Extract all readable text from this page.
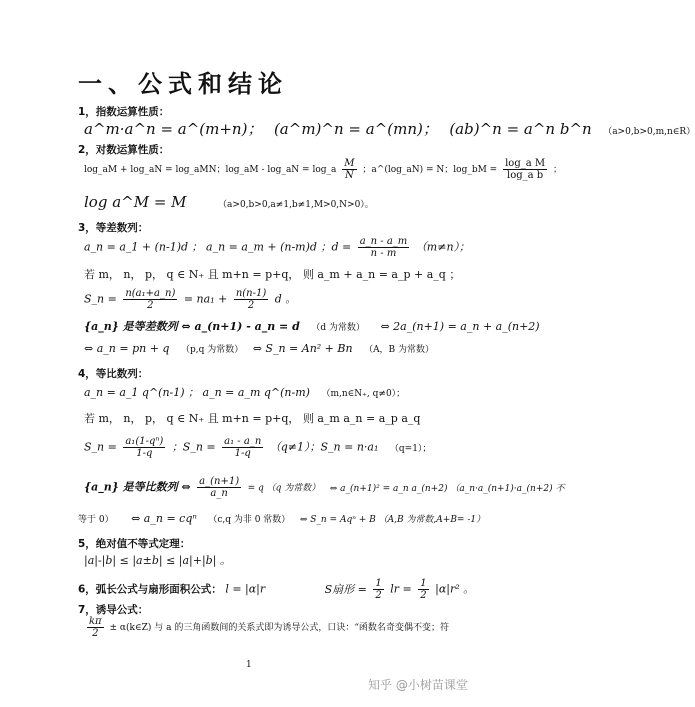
一、公式和结论
1，指数运算性质：
a^m·a^n = a^(m+n)； (a^m)^n = a^(mn)； (ab)^n = a^n b^n （a>0,b>0,m,n∈R）
2，对数运算性质：
log_aM + log_aN = log_aMN；log_aM - log_aN = log_a $\frac{M}{N}$ ；a^(log_aN) = N；log_bM = $\frac{\text{log\_a M}}{\text{log\_a b}}$ ；
log a^M = M	（a>0,b>0,a≠1,b≠1,M>0,N>0）。
3，等差数列：
a_n = a_1 + (n-1)d ； a_n = a_m + (n-m)d ；$d = \frac{a\_n - a\_m}{n - m} (m\ne n)$；
若 m， n， p， q ∈ N₊ 且 m+n = p+q， 则 a_m + a_n = a_p + a_q ；
S_n = $\frac{\text{n(a₁+a\_n)}}{2} = na_1 + \frac{n(n-1)}{2}$ d 。
{a_n} 是等差数列 ⇔ a_(n+1) - a_n = d （d 为常数） ⇔ 2a_(n+1) = a_n + a_(n+2)
⇔ a_n = pn + q （p,q 为常数） ⇔ S_n = An² + Bn （A，B 为常数）
4，等比数列：
a_n = a_1 q^(n-1) ； a_n = a_m q^(n-m) （m,n∈N₊, q≠0）；
若 m， n， p， q ∈ N₊ 且 m+n = p+q， 则 a_m a_n = a_p a_q
S_n = $\frac{\text{a₁(1-qⁿ)}}{1-q}$ ；S_n = $\frac{\text{a₁ - a\_n}}{1-q} (q\ne 1)$；S_n = n·a₁ （q=1）；
{a_n} 是等比数列 ⇔ $\frac{a\_(n+1)}{a\_n} = q$ （q 为常数） ⇔ a_(n+1)² = a_n a_(n+2) （a_n·a_(n+1)·a_(n+2) 不
等于 0） ⇔ a_n = cqⁿ （c,q 为非 0 常数） ⇔ S_n = Aqⁿ + B （A,B 为常数,A+B= -1）
5，绝对值不等式定理：
|a|-|b| ≤ |a±b| ≤ |a|+|b| 。
6，弧长公式与扇形面积公式： l = |α|r	S扇形 = $\frac{1}{2}$ lr = $\frac{1}{2} |\alpha|r^2$ 。
7，诱导公式：
$\frac{k\pi}{2}$ ± α(k∈Z) 与 a 的三角函数间的关系式即为诱导公式，口诀：“函数名奇变偶不变；符
1
知乎 @小树苗课堂
